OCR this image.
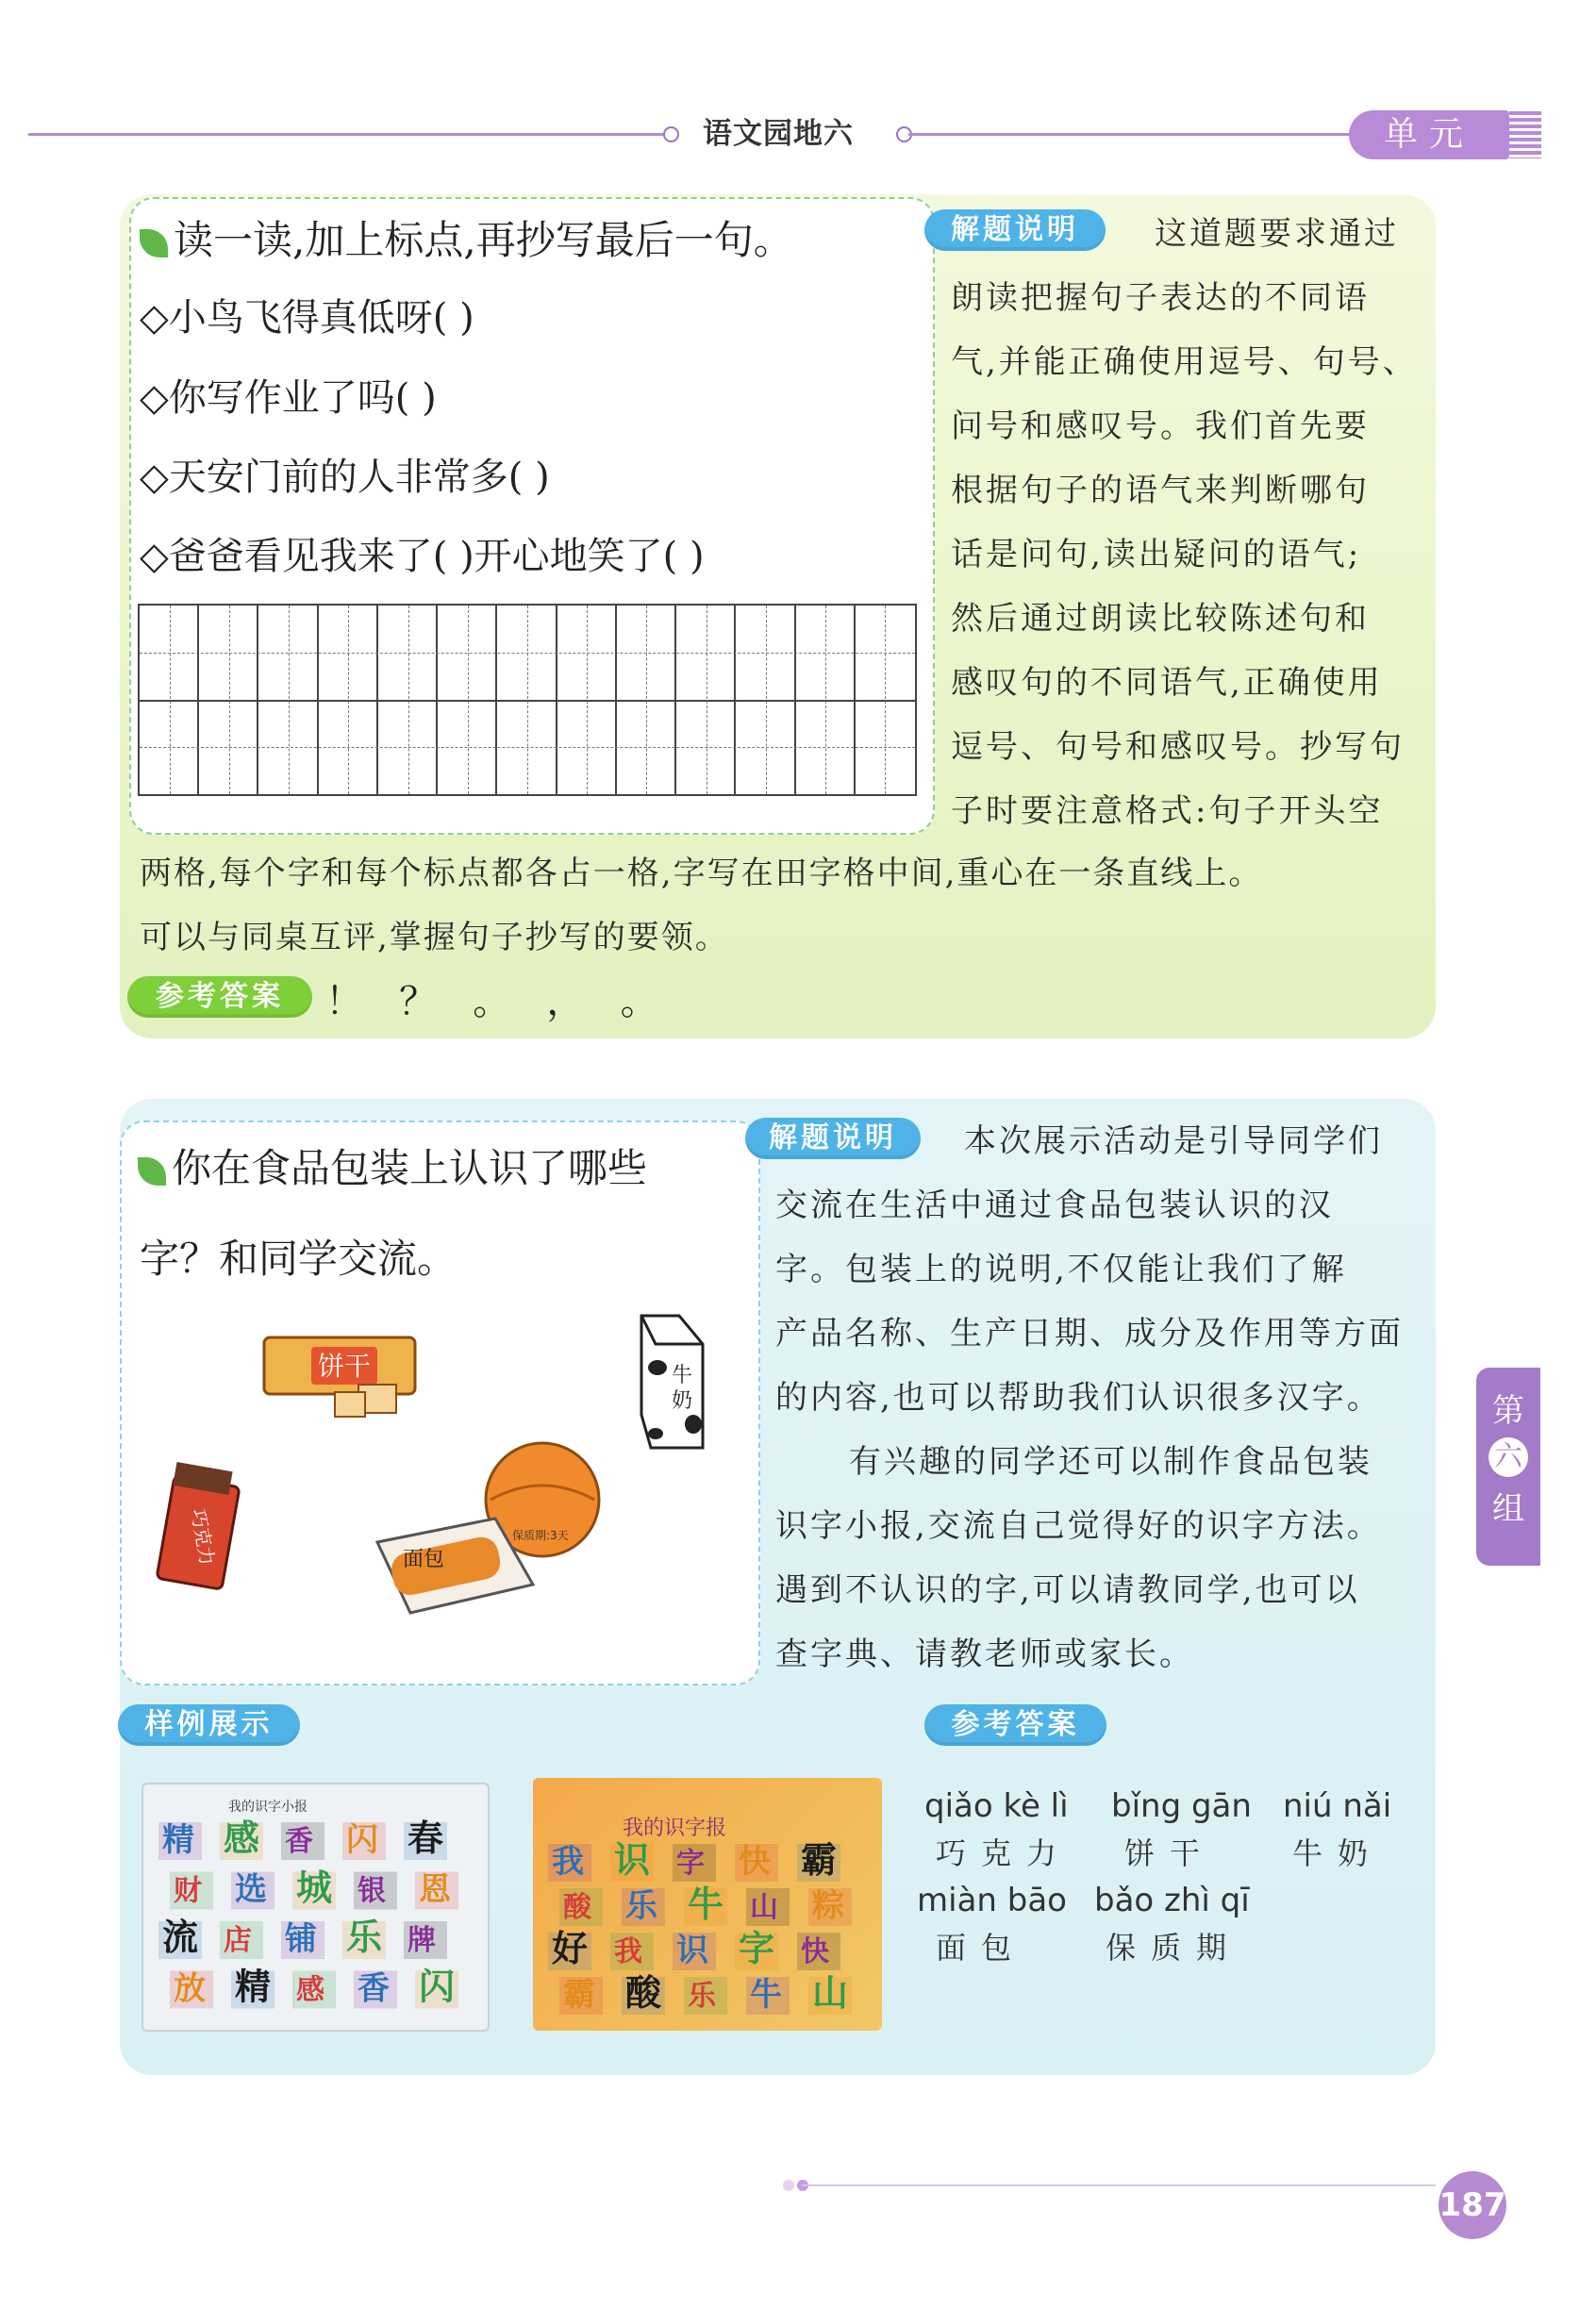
语文园地六	单元
读一读,加上标点,再抄写最后一句。
◇小鸟飞得真低呀( )
◇你写作业了吗( )
◇天安门前的人非常多( )
◇爸爸看见我来了( )开心地笑了( )
解题说明	这道题要求通过
朗读把握句子表达的不同语
气,并能正确使用逗号、句号、
问号和感叹号。我们首先要
根据句子的语气来判断哪句
话是问句,读出疑问的语气;
然后通过朗读比较陈述句和
感叹句的不同语气,正确使用
逗号、句号和感叹号。抄写句
子时要注意格式:句子开头空
两格,每个字和每个标点都各占一格,字写在田字格中间,重心在一条直线上。
可以与同桌互评,掌握句子抄写的要领。
参考答案	！   ？   。   ，   。
你在食品包装上认识了哪些
字？和同学交流。
饼干	牛
奶
巧克力	面包
保质期:3天
解题说明	本次展示活动是引导同学们
交流在生活中通过食品包装认识的汉
字。包装上的说明,不仅能让我们了解
产品名称、生产日期、成分及作用等方面
的内容,也可以帮助我们认识很多汉字。
有兴趣的同学还可以制作食品包装
识字小报,交流自己觉得好的识字方法。
遇到不认识的字,可以请教同学,也可以
查字典、请教老师或家长。
样例展示	参考答案
我的识字小报
精 感 香 闪 春
财 选 城 银 恩
流 店 铺 乐 牌
放 精 感 香 闪
我的识字报
我 识 字 快 霸
酸 乐 牛 山 粽
好 我 识 字 快
霸 酸 乐 牛 山
qiǎo kè lì
巧克力
bǐng gān
饼干
niú nǎi
牛奶
miàn bāo
面包
bǎo zhì qī
保质期
第
六
组
187
